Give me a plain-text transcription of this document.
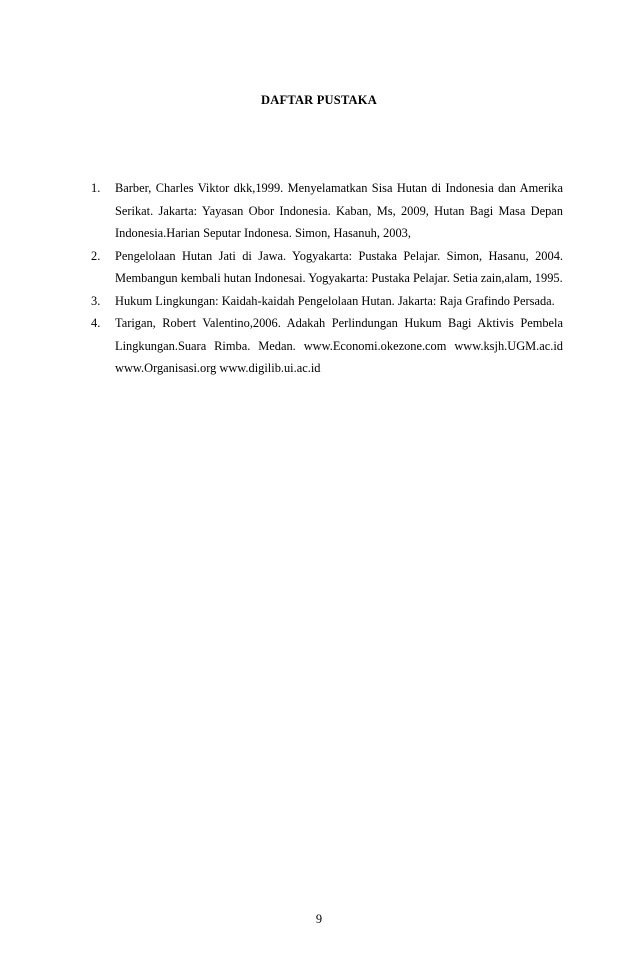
DAFTAR PUSTAKA
1. Barber, Charles Viktor dkk,1999. Menyelamatkan Sisa Hutan di Indonesia dan Amerika Serikat. Jakarta: Yayasan Obor Indonesia. Kaban, Ms, 2009, Hutan Bagi Masa Depan Indonesia.Harian Seputar Indonesa. Simon, Hasanuh, 2003,
2. Pengelolaan Hutan Jati di Jawa. Yogyakarta: Pustaka Pelajar. Simon, Hasanu, 2004. Membangun kembali hutan Indonesai. Yogyakarta: Pustaka Pelajar. Setia zain,alam, 1995.
3. Hukum Lingkungan: Kaidah-kaidah Pengelolaan Hutan. Jakarta: Raja Grafindo Persada.
4. Tarigan, Robert Valentino,2006. Adakah Perlindungan Hukum Bagi Aktivis Pembela Lingkungan.Suara Rimba. Medan. www.Economi.okezone.com www.ksjh.UGM.ac.id www.Organisasi.org www.digilib.ui.ac.id
9
